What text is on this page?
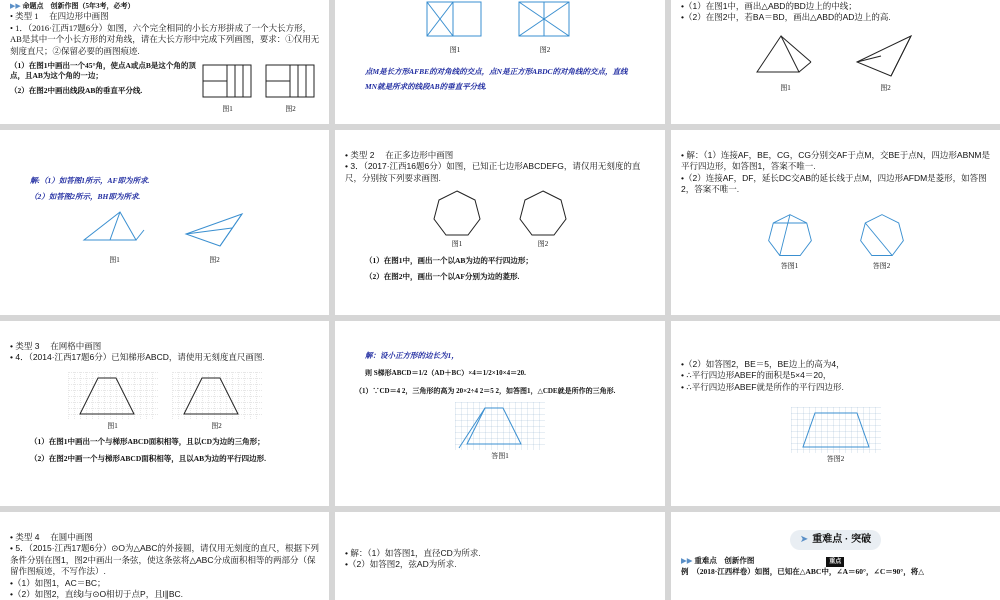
▶▶ 命题点　创新作图（5年3考，必考）
• 类型 1　 在四边形中画图
• 1．（2016·江西17题6分）如图，六个完全相同的小长方形拼成了一个大长方形，AB是其中一个小长方形的对角线，请在大长方形中完成下列画图，要求：①仅用无刻度直尺；②保留必要的画图痕迹.
（1）在图1中画出一个45°角，使点A或点B是这个角的顶点，且AB为这个角的一边；
（2）在图2中画出线段AB的垂直平分线.
图1	图2
图1	图2
点M是长方形AFBE的对角线的交点，点N是正方形ABDC的对角线的交点，直线MN就是所求的线段AB的垂直平分线.
•（1）在图1中，画出△ABD的BD边上的中线；
•（2）在图2中，若BA＝BD，画出△ABD的AD边上的高.
图1	图2
解:（1）如答图1所示，AF即为所求.
（2）如答图2所示，BH即为所求.
图1	图2
• 类型 2　 在正多边形中画图
• 3．（2017·江西16题6分）如图，已知正七边形ABCDEFG，请仅用无刻度的直尺，分别按下列要求画图.
图1	图2
（1）在图1中，画出一个以AB为边的平行四边形；
（2）在图2中，画出一个以AF分别为边的菱形.
• 解：（1）连接AF，BE，CG，CG分别交AF于点M，交BE于点N，四边形ABNM是平行四边形，如答图1，答案不唯一.
•（2）连接AF，DF，延长DC交AB的延长线于点M，四边形AFDM是菱形，如答图2，答案不唯一.
答图1	答图2
• 类型 3　 在网格中画图
• 4．（2014·江西17题6分）已知梯形ABCD，请使用无刻度直尺画图.
图1	图2
（1）在图1中画出一个与梯形ABCD面积相等，且以CD为边的三角形；
（2）在图2中画一个与梯形ABCD面积相等，且以AB为边的平行四边形.
解：设小正方形的边长为1，
则 S梯形ABCD＝1/2（AD＋BC）×4＝1/2×10×4＝20.
（1）∵CD＝4 2，三角形的高为 20×2÷4 2＝5 2，如答图1，△CDE就是所作的三角形.
答图1
•（2）如答图2，BE＝5，BE边上的高为4，
• ∴平行四边形ABEF的面积是5×4＝20，
• ∴平行四边形ABEF就是所作的平行四边形.
答图2
• 类型 4　 在圆中画图
• 5．（2015·江西17题6分）⊙O为△ABC的外接圆，请仅用无刻度的直尺，根据下列条件分别在图1，图2中画出一条弦，使这条弦将△ABC分成面积相等的两部分（保留作图痕迹，不写作法）.
•（1）如图1，AC＝BC；
•（2）如图2，直线l与⊙O相切于点P，且l∥BC.
• 解：（1）如答图1，直径CD为所求.
•（2）如答图2，弦AD为所求.
➤ 重难点 · 突破
▶▶ 重难点　创新作图	重点
例　（2018·江西样卷）如图，已知在△ABC中，∠A＝60°，∠C＝90°，将△
